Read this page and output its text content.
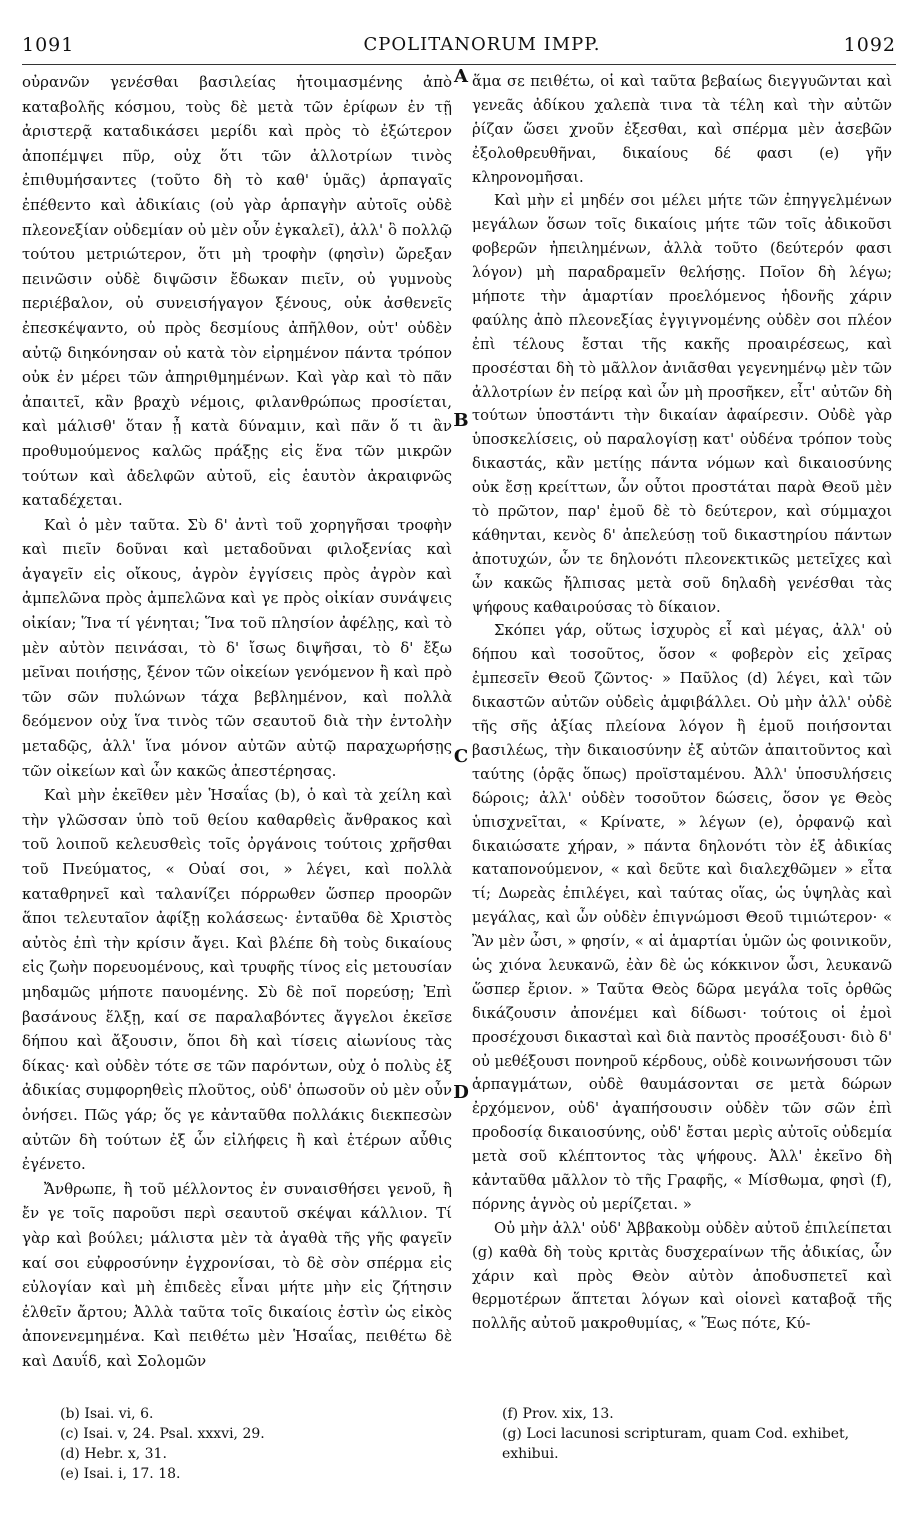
1091	CPOLITANORUM IMPP.	1092

οὐρανῶν γενέσθαι βασιλείας ἡτοιμασμένης ἀπὸ καταβολῆς κόσμου, τοὺς δὲ μετὰ τῶν ἐρίφων ἐν τῇ ἀριστερᾷ καταδικάσει μερίδι καὶ πρὸς τὸ ἐξώτερον ἀποπέμψει πῦρ, οὐχ ὅτι τῶν ἀλλοτρίων τινὸς ἐπιθυμήσαντες (τοῦτο δὴ τὸ καθ' ὑμᾶς) ἁρπαγαῖς ἐπέθεντο καὶ ἀδικίαις (οὐ γὰρ ἁρπαγὴν αὐτοῖς οὐδὲ πλεονεξίαν οὐδεμίαν οὐ μὲν οὖν ἐγκαλεῖ), ἀλλ' ὃ πολλῷ τούτου μετριώτερον, ὅτι μὴ τροφὴν (φησὶν) ὤρεξαν πεινῶσιν οὐδὲ διψῶσιν ἔδωκαν πιεῖν, οὐ γυμνοὺς περιέβαλον, οὐ συνεισήγαγον ξένους, οὐκ ἀσθενεῖς ἐπεσκέψαντο, οὐ πρὸς δεσμίους ἀπῆλθον, οὐτ' οὐδὲν αὐτῷ διηκόνησαν οὐ κατὰ τὸν εἰρημένον πάντα τρόπον οὐκ ἐν μέρει τῶν ἀπηριθμημένων. Καὶ γὰρ καὶ τὸ πᾶν ἀπαιτεῖ, κἂν βραχὺ νέμοις, φιλανθρώπως προσίεται, καὶ μάλισθ' ὅταν ᾖ κατὰ δύναμιν, καὶ πᾶν ὅ τι ἂν προθυμούμενος καλῶς πράξῃς εἰς ἕνα τῶν μικρῶν τούτων καὶ ἀδελφῶν αὐτοῦ, εἰς ἑαυτὸν ἀκραιφνῶς καταδέχεται.

Καὶ ὁ μὲν ταῦτα. Σὺ δ' ἀντὶ τοῦ χορηγῆσαι τροφὴν καὶ πιεῖν δοῦναι καὶ μεταδοῦναι φιλοξενίας καὶ ἀγαγεῖν εἰς οἴκους, ἀγρὸν ἐγγίσεις πρὸς ἀγρὸν καὶ ἀμπελῶνα πρὸς ἀμπελῶνα καὶ γε πρὸς οἰκίαν συνάψεις οἰκίαν; Ἵνα τί γένηται; Ἵνα τοῦ πλησίον ἀφέλῃς, καὶ τὸ μὲν αὐτὸν πεινάσαι, τὸ δ' ἴσως διψῆσαι, τὸ δ' ἔξω μεῖναι ποιήσῃς, ξένον τῶν οἰκείων γενόμενον ἢ καὶ πρὸ τῶν σῶν πυλώνων τάχα βεβλημένον, καὶ πολλὰ δεόμενον οὐχ ἵνα τινὸς τῶν σεαυτοῦ διὰ τὴν ἐντολὴν μεταδῷς, ἀλλ' ἵνα μόνον αὐτῶν αὐτῷ παραχωρήσῃς τῶν οἰκείων καὶ ὧν κακῶς ἀπεστέρησας.

Καὶ μὴν ἐκεῖθεν μὲν Ἡσαΐας (b), ὁ καὶ τὰ χείλη καὶ τὴν γλῶσσαν ὑπὸ τοῦ θείου καθαρθεὶς ἄνθρακος καὶ τοῦ λοιποῦ κελευσθεὶς τοῖς ὀργάνοις τούτοις χρῆσθαι τοῦ Πνεύματος, « Οὐαί σοι, » λέγει, καὶ πολλὰ καταθρηνεῖ καὶ ταλανίζει πόρρωθεν ὥσπερ προορῶν ἅποι τελευταῖον ἀφίξῃ κολάσεως· ἐνταῦθα δὲ Χριστὸς αὐτὸς ἐπὶ τὴν κρίσιν ἄγει. Καὶ βλέπε δὴ τοὺς δικαίους εἰς ζωὴν πορευομένους, καὶ τρυφῆς τίνος εἰς μετουσίαν μηδαμῶς μήποτε παυομένης. Σὺ δὲ ποῖ πορεύσῃ; Ἐπὶ βασάνους ἕλξῃ, καί σε παραλαβόντες ἄγγελοι ἐκεῖσε δήπου καὶ ἄξουσιν, ὅποι δὴ καὶ τίσεις αἰωνίους τὰς δίκας· καὶ οὐδὲν τότε σε τῶν παρόντων, οὐχ ὁ πολὺς ἐξ ἀδικίας συμφορηθεὶς πλοῦτος, οὐδ' ὁπωσοῦν οὐ μὲν οὖν ὀνήσει. Πῶς γάρ; ὅς γε κἀνταῦθα πολλάκις διεκπεσὼν αὐτῶν δὴ τούτων ἐξ ὧν εἰλήφεις ἢ καὶ ἑτέρων αὖθις ἐγένετο.

Ἄνθρωπε, ἢ τοῦ μέλλοντος ἐν συναισθήσει γενοῦ, ἢ ἔν γε τοῖς παροῦσι περὶ σεαυτοῦ σκέψαι κάλλιον. Τί γὰρ καὶ βούλει; μάλιστα μὲν τὰ ἀγαθὰ τῆς γῆς φαγεῖν καί σοι εὐφροσύνην ἐγχρονίσαι, τὸ δὲ σὸν σπέρμα εἰς εὐλογίαν καὶ μὴ ἐπιδεὲς εἶναι μήτε μὴν εἰς ζήτησιν ἐλθεῖν ἄρτου; Ἀλλὰ ταῦτα τοῖς δικαίοις ἐστὶν ὡς εἰκὸς ἀπονενεμημένα. Καὶ πειθέτω μὲν Ἡσαΐας, πειθέτω δὲ καὶ Δαυΐδ, καὶ Σολομῶν

ἅμα σε πειθέτω, οἱ καὶ ταῦτα βεβαίως διεγγυῶνται καὶ γενεᾶς ἀδίκου χαλεπὰ τινα τὰ τέλη καὶ τὴν αὐτῶν ῥίζαν ὥσει χνοῦν ἐξεσθαι, καὶ σπέρμα μὲν ἀσεβῶν ἐξολοθρευθῆναι, δικαίους δέ φασι (e) γῆν κληρονομῆσαι.

Καὶ μὴν εἰ μηδέν σοι μέλει μήτε τῶν ἐπηγγελμένων μεγάλων ὅσων τοῖς δικαίοις μήτε τῶν τοῖς ἀδικοῦσι φοβερῶν ἠπειλημένων, ἀλλὰ τοῦτο (δεύτερόν φασι λόγον) μὴ παραδραμεῖν θελήσῃς. Ποῖον δὴ λέγω; μήποτε τὴν ἁμαρτίαν προελόμενος ἡδονῆς χάριν φαύλης ἀπὸ πλεονεξίας ἐγγιγνομένης οὐδὲν σοι πλέον ἐπὶ τέλους ἔσται τῆς κακῆς προαιρέσεως, καὶ προσέσται δὴ τὸ μᾶλλον ἀνιᾶσθαι γεγενημένῳ μὲν τῶν ἀλλοτρίων ἐν πείρᾳ καὶ ὧν μὴ προσῆκεν, εἶτ' αὐτῶν δὴ τούτων ὑποστάντι τὴν δικαίαν ἀφαίρεσιν. Οὐδὲ γὰρ ὑποσκελίσεις, οὐ παραλογίσῃ κατ' οὐδένα τρόπον τοὺς δικαστάς, κἂν μετίῃς πάντα νόμων καὶ δικαιοσύνης οὐκ ἔσῃ κρείττων, ὧν οὗτοι προστάται παρὰ Θεοῦ μὲν τὸ πρῶτον, παρ' ἐμοῦ δὲ τὸ δεύτερον, καὶ σύμμαχοι κάθηνται, κενὸς δ' ἀπελεύσῃ τοῦ δικαστηρίου πάντων ἀποτυχών, ὧν τε δηλονότι πλεονεκτικῶς μετεῖχες καὶ ὧν κακῶς ἤλπισας μετὰ σοῦ δηλαδὴ γενέσθαι τὰς ψήφους καθαιρούσας τὸ δίκαιον.

Σκόπει γάρ, οὕτως ἰσχυρὸς εἶ καὶ μέγας, ἀλλ' οὐ δήπου καὶ τοσοῦτος, ὅσον « φοβερὸν εἰς χεῖρας ἐμπεσεῖν Θεοῦ ζῶντος· » Παῦλος (d) λέγει, καὶ τῶν δικαστῶν αὐτῶν οὐδεὶς ἀμφιβάλλει. Οὐ μὴν ἀλλ' οὐδὲ τῆς σῆς ἀξίας πλείονα λόγον ἢ ἐμοῦ ποιήσονται βασιλέως, τὴν δικαιοσύνην ἐξ αὐτῶν ἀπαιτοῦντος καὶ ταύτης (ὁρᾷς ὅπως) προϊσταμένου. Ἀλλ' ὑποσυλήσεις δώροις; ἀλλ' οὐδὲν τοσοῦτον δώσεις, ὅσον γε Θεὸς ὑπισχνεῖται, « Κρίνατε, » λέγων (e), ὀρφανῷ καὶ δικαιώσατε χήραν, » πάντα δηλονότι τὸν ἐξ ἀδικίας καταπονούμενον, « καὶ δεῦτε καὶ διαλεχθῶμεν » εἶτα τί; Δωρεὰς ἐπιλέγει, καὶ ταύτας οἵας, ὡς ὑψηλὰς καὶ μεγάλας, καὶ ὧν οὐδὲν ἐπιγνώμοσι Θεοῦ τιμιώτερον· « Ἂν μὲν ὦσι, » φησίν, « αἱ ἁμαρτίαι ὑμῶν ὡς φοινικοῦν, ὡς χιόνα λευκανῶ, ἐὰν δὲ ὡς κόκκινον ὦσι, λευκανῶ ὥσπερ ἔριον. » Ταῦτα Θεὸς δῶρα μεγάλα τοῖς ὀρθῶς δικάζουσιν ἀπονέμει καὶ δίδωσι· τούτοις οἱ ἐμοὶ προσέχουσι δικασταὶ καὶ διὰ παντὸς προσέξουσι· διὸ δ' οὐ μεθέξουσι πονηροῦ κέρδους, οὐδὲ κοινωνήσουσι τῶν ἁρπαγμάτων, οὐδὲ θαυμάσονται σε μετὰ δώρων ἐρχόμενον, οὐδ' ἀγαπήσουσιν οὐδὲν τῶν σῶν ἐπὶ προδοσίᾳ δικαιοσύνης, οὐδ' ἔσται μερὶς αὐτοῖς οὐδεμία μετὰ σοῦ κλέπτοντος τὰς ψήφους. Ἀλλ' ἐκεῖνο δὴ κἀνταῦθα μᾶλλον τὸ τῆς Γραφῆς, « Μίσθωμα, φησὶ (f), πόρνης ἁγνὸς οὐ μερίζεται. »

Οὐ μὴν ἀλλ' οὐδ' Ἀββακοὺμ οὐδὲν αὐτοῦ ἐπιλείπεται (g) καθὰ δὴ τοὺς κριτὰς δυσχεραίνων τῆς ἀδικίας, ὧν χάριν καὶ πρὸς Θεὸν αὐτὸν ἀποδυσπετεῖ καὶ θερμοτέρων ἅπτεται λόγων καὶ οἱονεὶ καταβοᾷ τῆς πολλῆς αὐτοῦ μακροθυμίας, « Ἕως πότε, Κύ-

A
B
C
D
(b) Isai. vi, 6.
(c) Isai. v, 24. Psal. xxxvi, 29.
(d) Hebr. x, 31.
(e) Isai. i, 17. 18.
(f) Prov. xix, 13.
(g) Loci lacunosi scripturam, quam Cod. exhibet, exhibui.
